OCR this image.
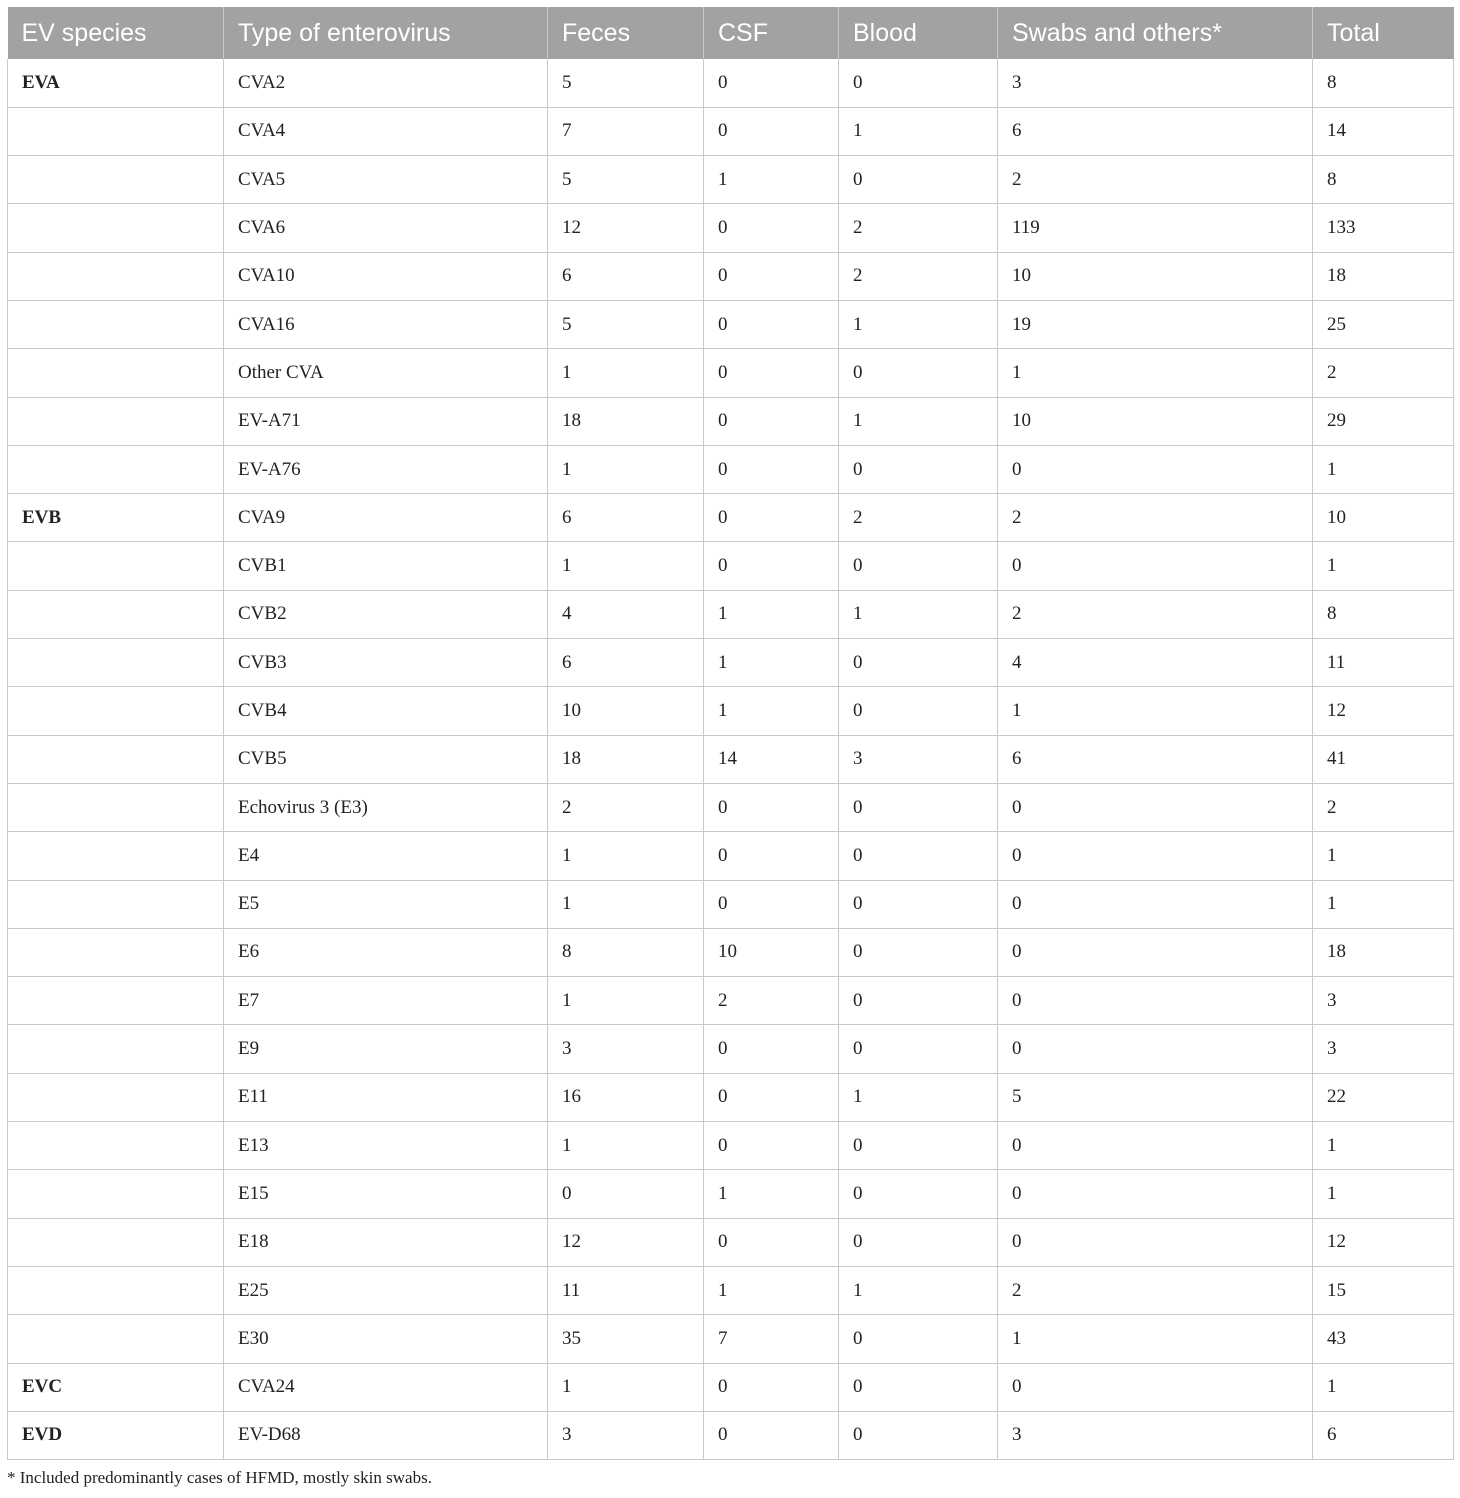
EV species	Type of enterovirus	Feces	CSF	Blood	Swabs and others*	Total
EVA	CVA2	5	0	0	3	8
	CVA4	7	0	1	6	14
	CVA5	5	1	0	2	8
	CVA6	12	0	2	119	133
	CVA10	6	0	2	10	18
	CVA16	5	0	1	19	25
	Other CVA	1	0	0	1	2
	EV-A71	18	0	1	10	29
	EV-A76	1	0	0	0	1
EVB	CVA9	6	0	2	2	10
	CVB1	1	0	0	0	1
	CVB2	4	1	1	2	8
	CVB3	6	1	0	4	11
	CVB4	10	1	0	1	12
	CVB5	18	14	3	6	41
	Echovirus 3 (E3)	2	0	0	0	2
	E4	1	0	0	0	1
	E5	1	0	0	0	1
	E6	8	10	0	0	18
	E7	1	2	0	0	3
	E9	3	0	0	0	3
	E11	16	0	1	5	22
	E13	1	0	0	0	1
	E15	0	1	0	0	1
	E18	12	0	0	0	12
	E25	11	1	1	2	15
	E30	35	7	0	1	43
EVC	CVA24	1	0	0	0	1
EVD	EV-D68	3	0	0	3	6
* Included predominantly cases of HFMD, mostly skin swabs.
